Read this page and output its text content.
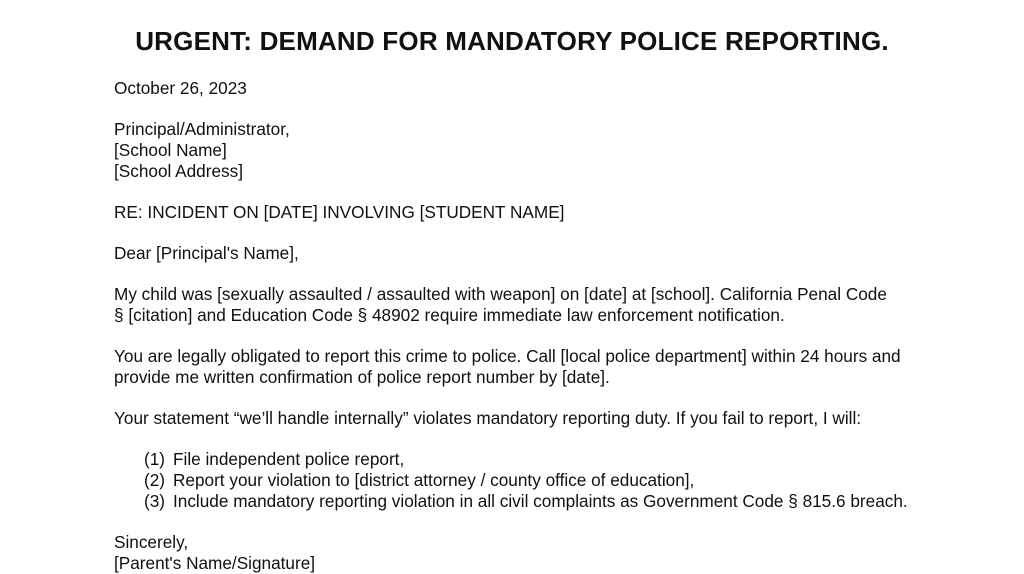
URGENT: DEMAND FOR MANDATORY POLICE REPORTING.
October 26, 2023
Principal/Administrator,
[School Name]
[School Address]
RE: INCIDENT ON [DATE] INVOLVING [STUDENT NAME]
Dear [Principal's Name],
My child was [sexually assaulted / assaulted with weapon] on [date] at [school]. California Penal Code
§ [citation] and Education Code § 48902 require immediate law enforcement notification.
You are legally obligated to report this crime to police. Call [local police department] within 24 hours and
provide me written confirmation of police report number by [date].
Your statement “we’ll handle internally” violates mandatory reporting duty. If you fail to report, I will:
(1) File independent police report,
(2) Report your violation to [district attorney / county office of education],
(3) Include mandatory reporting violation in all civil complaints as Government Code § 815.6 breach.
Sincerely,
[Parent's Name/Signature]
